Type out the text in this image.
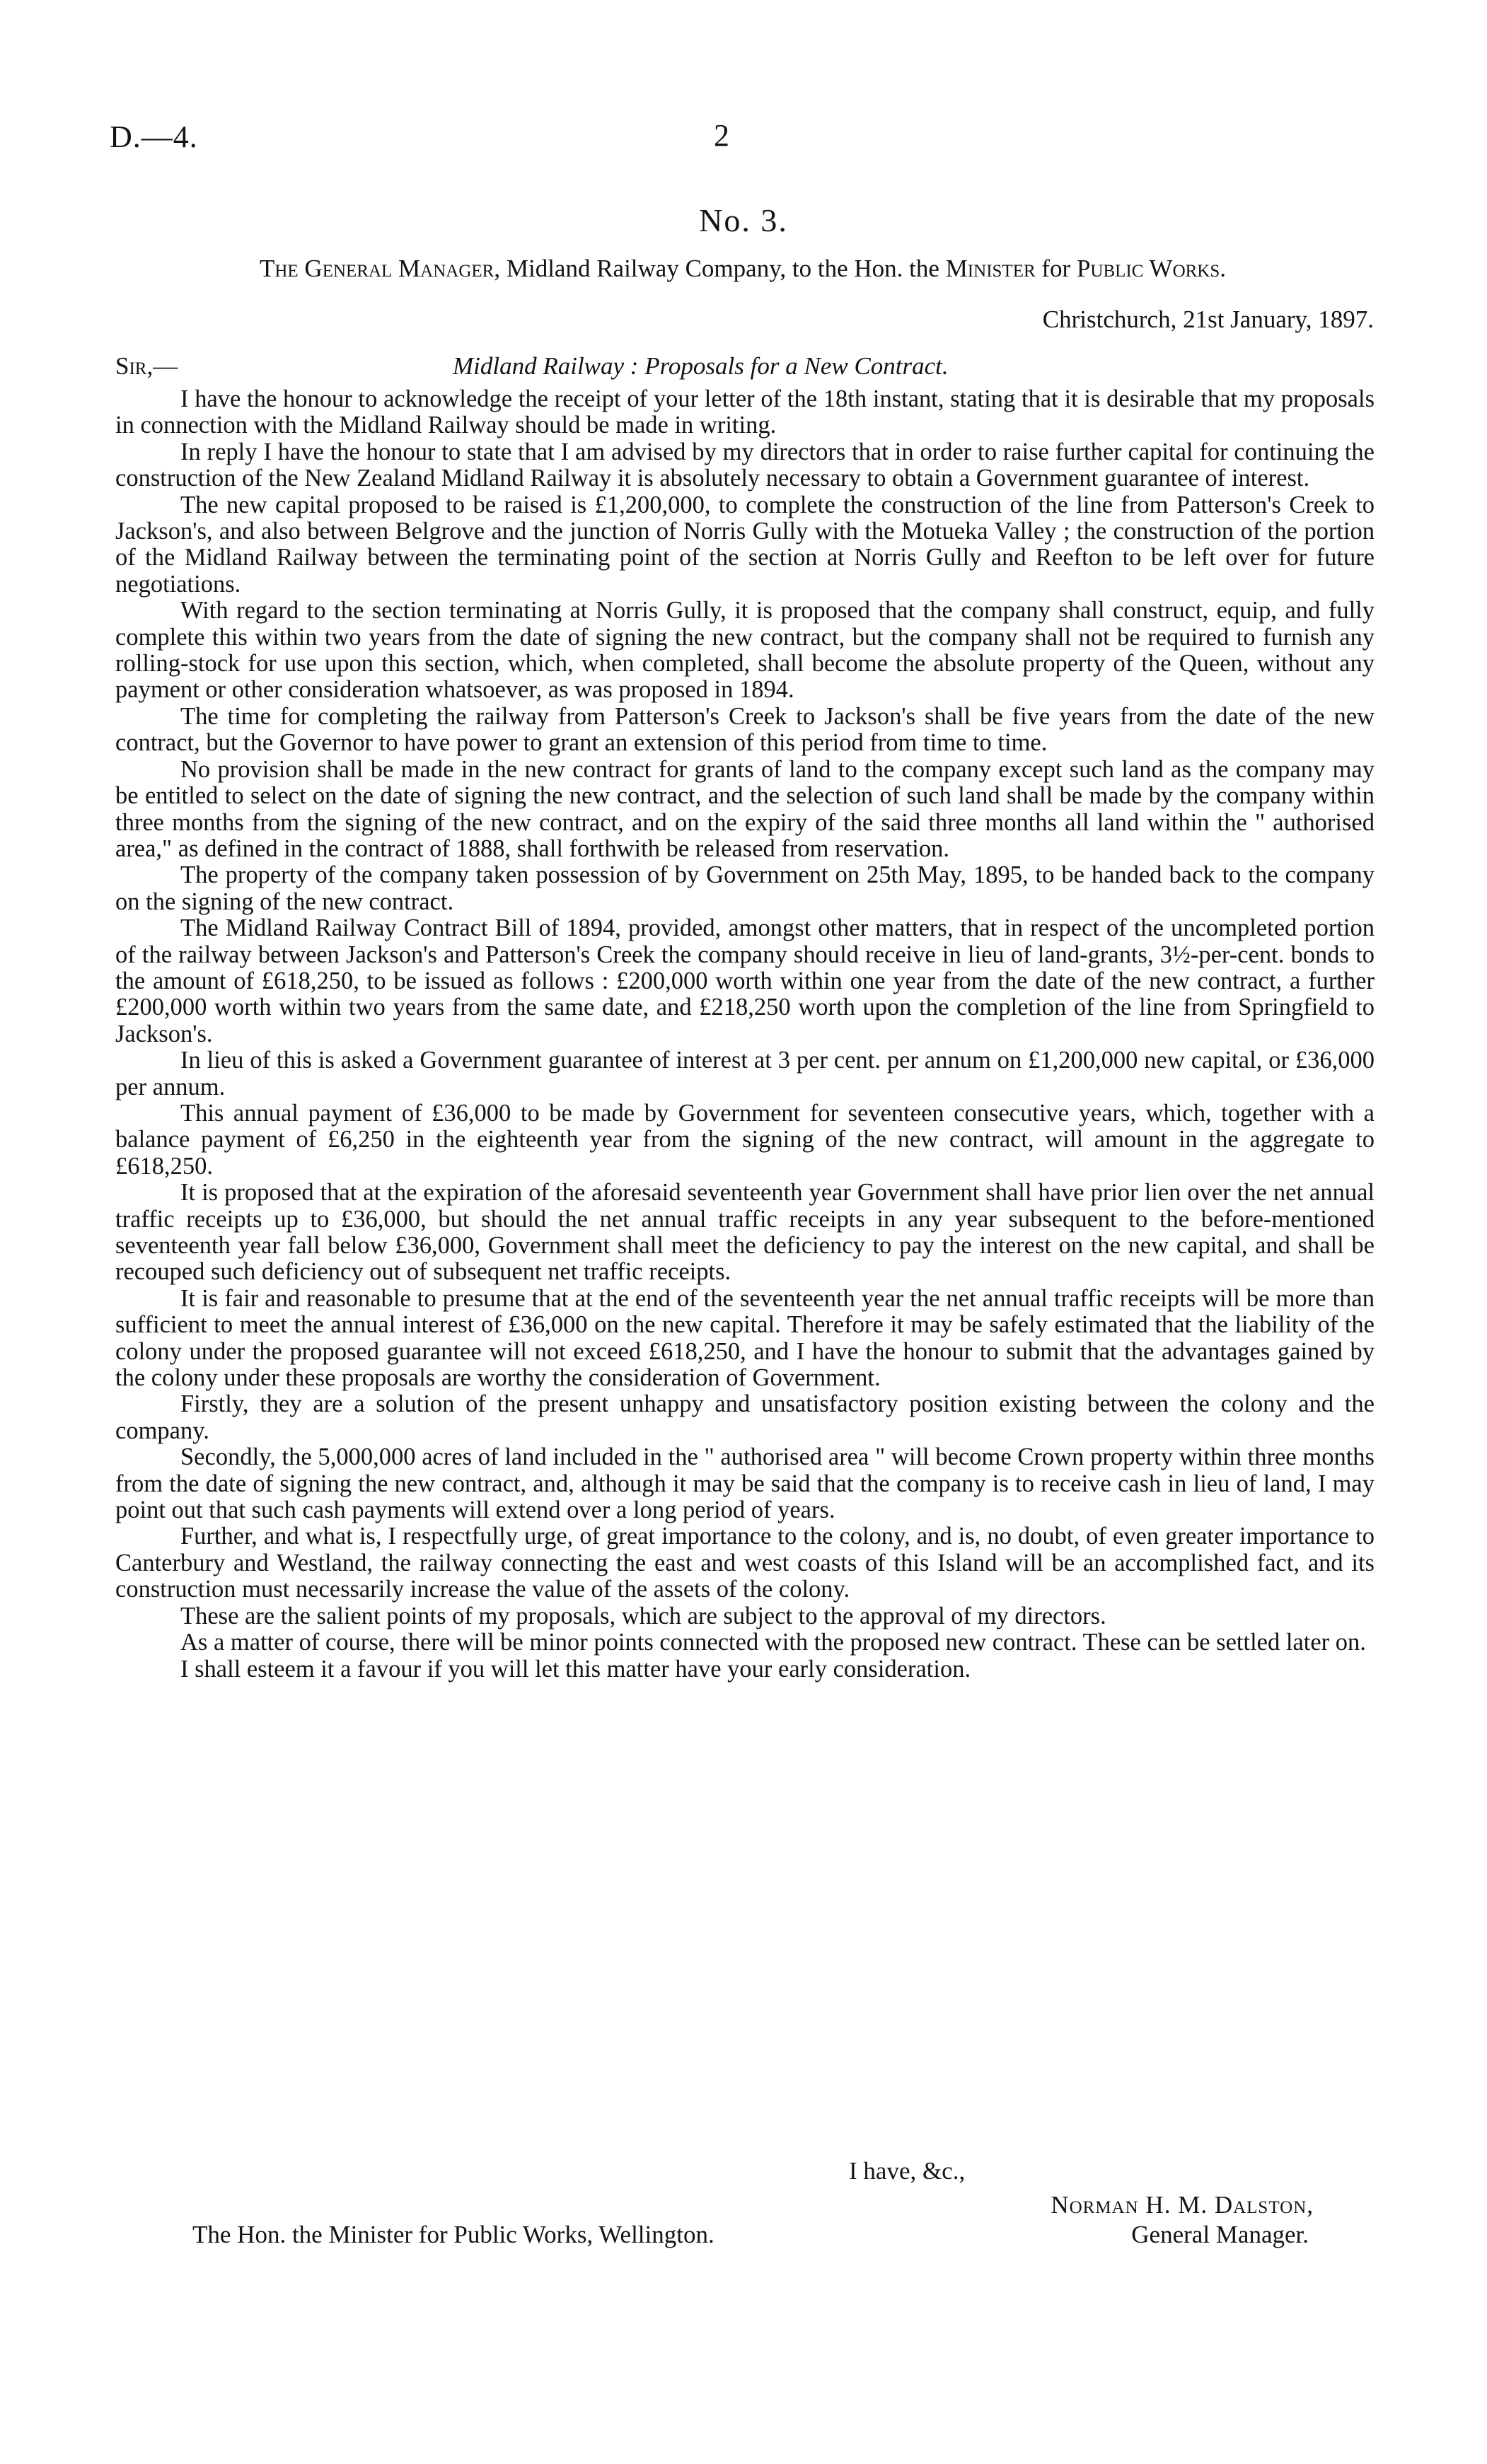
D.—4.	2
No. 3.
The General Manager, Midland Railway Company, to the Hon. the Minister for Public Works.
Christchurch, 21st January, 1897.
Sir,—	Midland Railway : Proposals for a New Contract.

I have the honour to acknowledge the receipt of your letter of the 18th instant, stating that it is desirable that my proposals in connection with the Midland Railway should be made in writing.

In reply I have the honour to state that I am advised by my directors that in order to raise further capital for continuing the construction of the New Zealand Midland Railway it is absolutely necessary to obtain a Government guarantee of interest.

The new capital proposed to be raised is £1,200,000, to complete the construction of the line from Patterson's Creek to Jackson's, and also between Belgrove and the junction of Norris Gully with the Motueka Valley ; the construction of the portion of the Midland Railway between the terminating point of the section at Norris Gully and Reefton to be left over for future negotiations.

With regard to the section terminating at Norris Gully, it is proposed that the company shall construct, equip, and fully complete this within two years from the date of signing the new contract, but the company shall not be required to furnish any rolling-stock for use upon this section, which, when completed, shall become the absolute property of the Queen, without any payment or other consideration whatsoever, as was proposed in 1894.

The time for completing the railway from Patterson's Creek to Jackson's shall be five years from the date of the new contract, but the Governor to have power to grant an extension of this period from time to time.

No provision shall be made in the new contract for grants of land to the company except such land as the company may be entitled to select on the date of signing the new contract, and the selection of such land shall be made by the company within three months from the signing of the new contract, and on the expiry of the said three months all land within the " authorised area," as defined in the contract of 1888, shall forthwith be released from reservation.

The property of the company taken possession of by Government on 25th May, 1895, to be handed back to the company on the signing of the new contract.

The Midland Railway Contract Bill of 1894, provided, amongst other matters, that in respect of the uncompleted portion of the railway between Jackson's and Patterson's Creek the company should receive in lieu of land-grants, 3½-per-cent. bonds to the amount of £618,250, to be issued as follows : £200,000 worth within one year from the date of the new contract, a further £200,000 worth within two years from the same date, and £218,250 worth upon the completion of the line from Springfield to Jackson's.

In lieu of this is asked a Government guarantee of interest at 3 per cent. per annum on £1,200,000 new capital, or £36,000 per annum.

This annual payment of £36,000 to be made by Government for seventeen consecutive years, which, together with a balance payment of £6,250 in the eighteenth year from the signing of the new contract, will amount in the aggregate to £618,250.

It is proposed that at the expiration of the aforesaid seventeenth year Government shall have prior lien over the net annual traffic receipts up to £36,000, but should the net annual traffic receipts in any year subsequent to the before-mentioned seventeenth year fall below £36,000, Government shall meet the deficiency to pay the interest on the new capital, and shall be recouped such deficiency out of subsequent net traffic receipts.

It is fair and reasonable to presume that at the end of the seventeenth year the net annual traffic receipts will be more than sufficient to meet the annual interest of £36,000 on the new capital. Therefore it may be safely estimated that the liability of the colony under the proposed guarantee will not exceed £618,250, and I have the honour to submit that the advantages gained by the colony under these proposals are worthy the consideration of Government.

Firstly, they are a solution of the present unhappy and unsatisfactory position existing between the colony and the company.

Secondly, the 5,000,000 acres of land included in the " authorised area " will become Crown property within three months from the date of signing the new contract, and, although it may be said that the company is to receive cash in lieu of land, I may point out that such cash payments will extend over a long period of years.

Further, and what is, I respectfully urge, of great importance to the colony, and is, no doubt, of even greater importance to Canterbury and Westland, the railway connecting the east and west coasts of this Island will be an accomplished fact, and its construction must necessarily increase the value of the assets of the colony.

These are the salient points of my proposals, which are subject to the approval of my directors.

As a matter of course, there will be minor points connected with the proposed new contract. These can be settled later on.

I shall esteem it a favour if you will let this matter have your early consideration.

I have, &c.,
Norman H. M. Dalston,
General Manager.
The Hon. the Minister for Public Works, Wellington.
